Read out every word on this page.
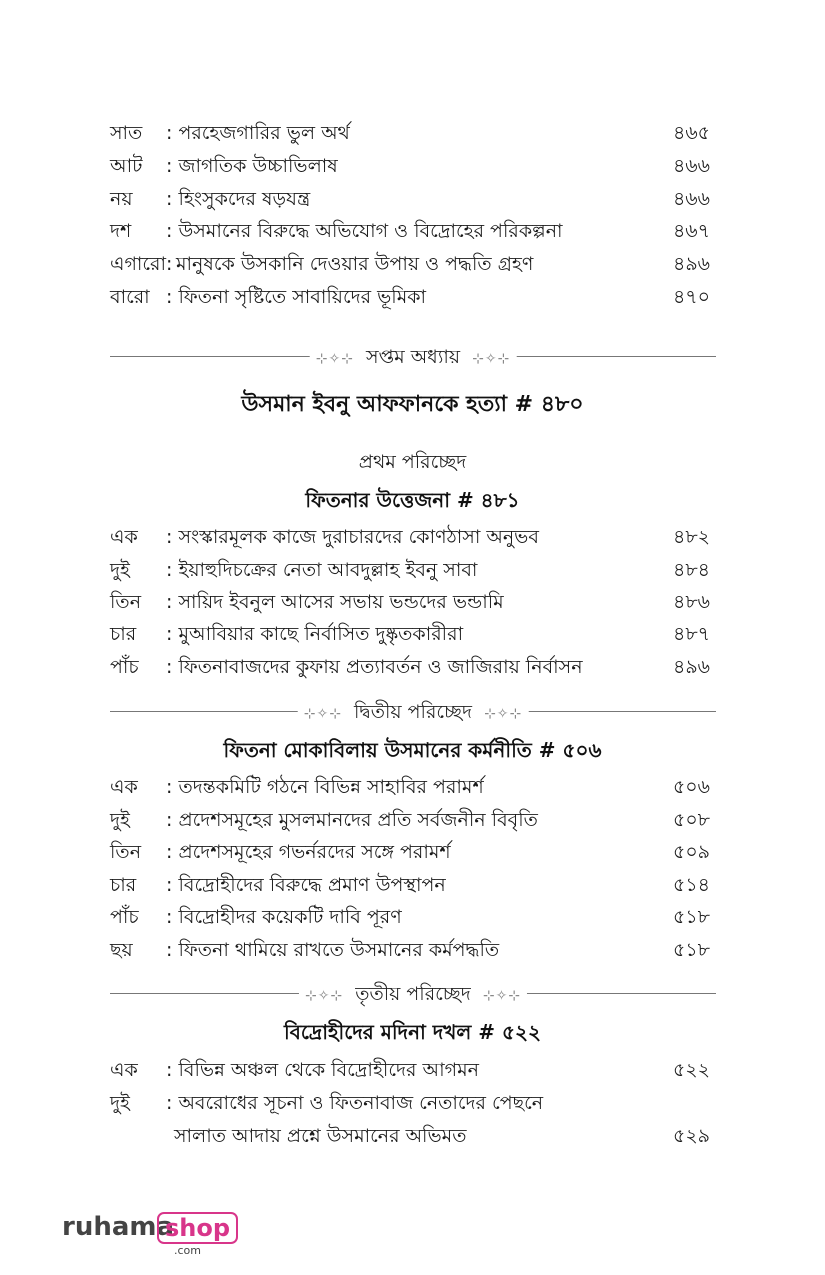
সাত : পরহেজগারির ভুল অর্থ	৪৬৫
আট : জাগতিক উচ্চাভিলাষ	৪৬৬
নয় : হিংসুকদের ষড়যন্ত্র	৪৬৬
দশ : উসমানের বিরুদ্ধে অভিযোগ ও বিদ্রোহের পরিকল্পনা	৪৬৭
এগারো: মানুষকে উসকানি দেওয়ার উপায় ও পদ্ধতি গ্রহণ	৪৯৬
বারো : ফিতনা সৃষ্টিতে সাবায়িদের ভূমিকা	৪৭০
⊹✧⊹ সপ্তম অধ্যায় ⊹✧⊹
উসমান ইবনু আফফানকে হত্যা # ৪৮০
প্রথম পরিচ্ছেদ
ফিতনার উত্তেজনা # ৪৮১
এক : সংস্কারমূলক কাজে দুরাচারদের কোণঠাসা অনুভব	৪৮২
দুই : ইয়াহুদিচক্রের নেতা আবদুল্লাহ ইবনু সাবা	৪৮৪
তিন : সায়িদ ইবনুল আসের সভায় ভন্ডদের ভন্ডামি	৪৮৬
চার : মুআবিয়ার কাছে নির্বাসিত দুষ্কৃতকারীরা	৪৮৭
পাঁচ : ফিতনাবাজদের কুফায় প্রত্যাবর্তন ও জাজিরায় নির্বাসন	৪৯৬
⊹✧⊹ দ্বিতীয় পরিচ্ছেদ ⊹✧⊹
ফিতনা মোকাবিলায় উসমানের কর্মনীতি # ৫০৬
এক : তদন্তকমিটি গঠনে বিভিন্ন সাহাবির পরামর্শ	৫০৬
দুই : প্রদেশসমূহের মুসলমানদের প্রতি সর্বজনীন বিবৃতি	৫০৮
তিন : প্রদেশসমূহের গভর্নরদের সঙ্গে পরামর্শ	৫০৯
চার : বিদ্রোহীদের বিরুদ্ধে প্রমাণ উপস্থাপন	৫১৪
পাঁচ : বিদ্রোহীদর কয়েকটি দাবি পূরণ	৫১৮
ছয় : ফিতনা থামিয়ে রাখতে উসমানের কর্মপদ্ধতি	৫১৮
⊹✧⊹ তৃতীয় পরিচ্ছেদ ⊹✧⊹
বিদ্রোহীদের মদিনা দখল # ৫২২
এক : বিভিন্ন অঞ্চল থেকে বিদ্রোহীদের আগমন	৫২২
দুই : অবরোধের সূচনা ও ফিতনাবাজ নেতাদের পেছনে
সালাত আদায় প্রশ্নে উসমানের অভিমত	৫২৯
ruhama
shop
.com
